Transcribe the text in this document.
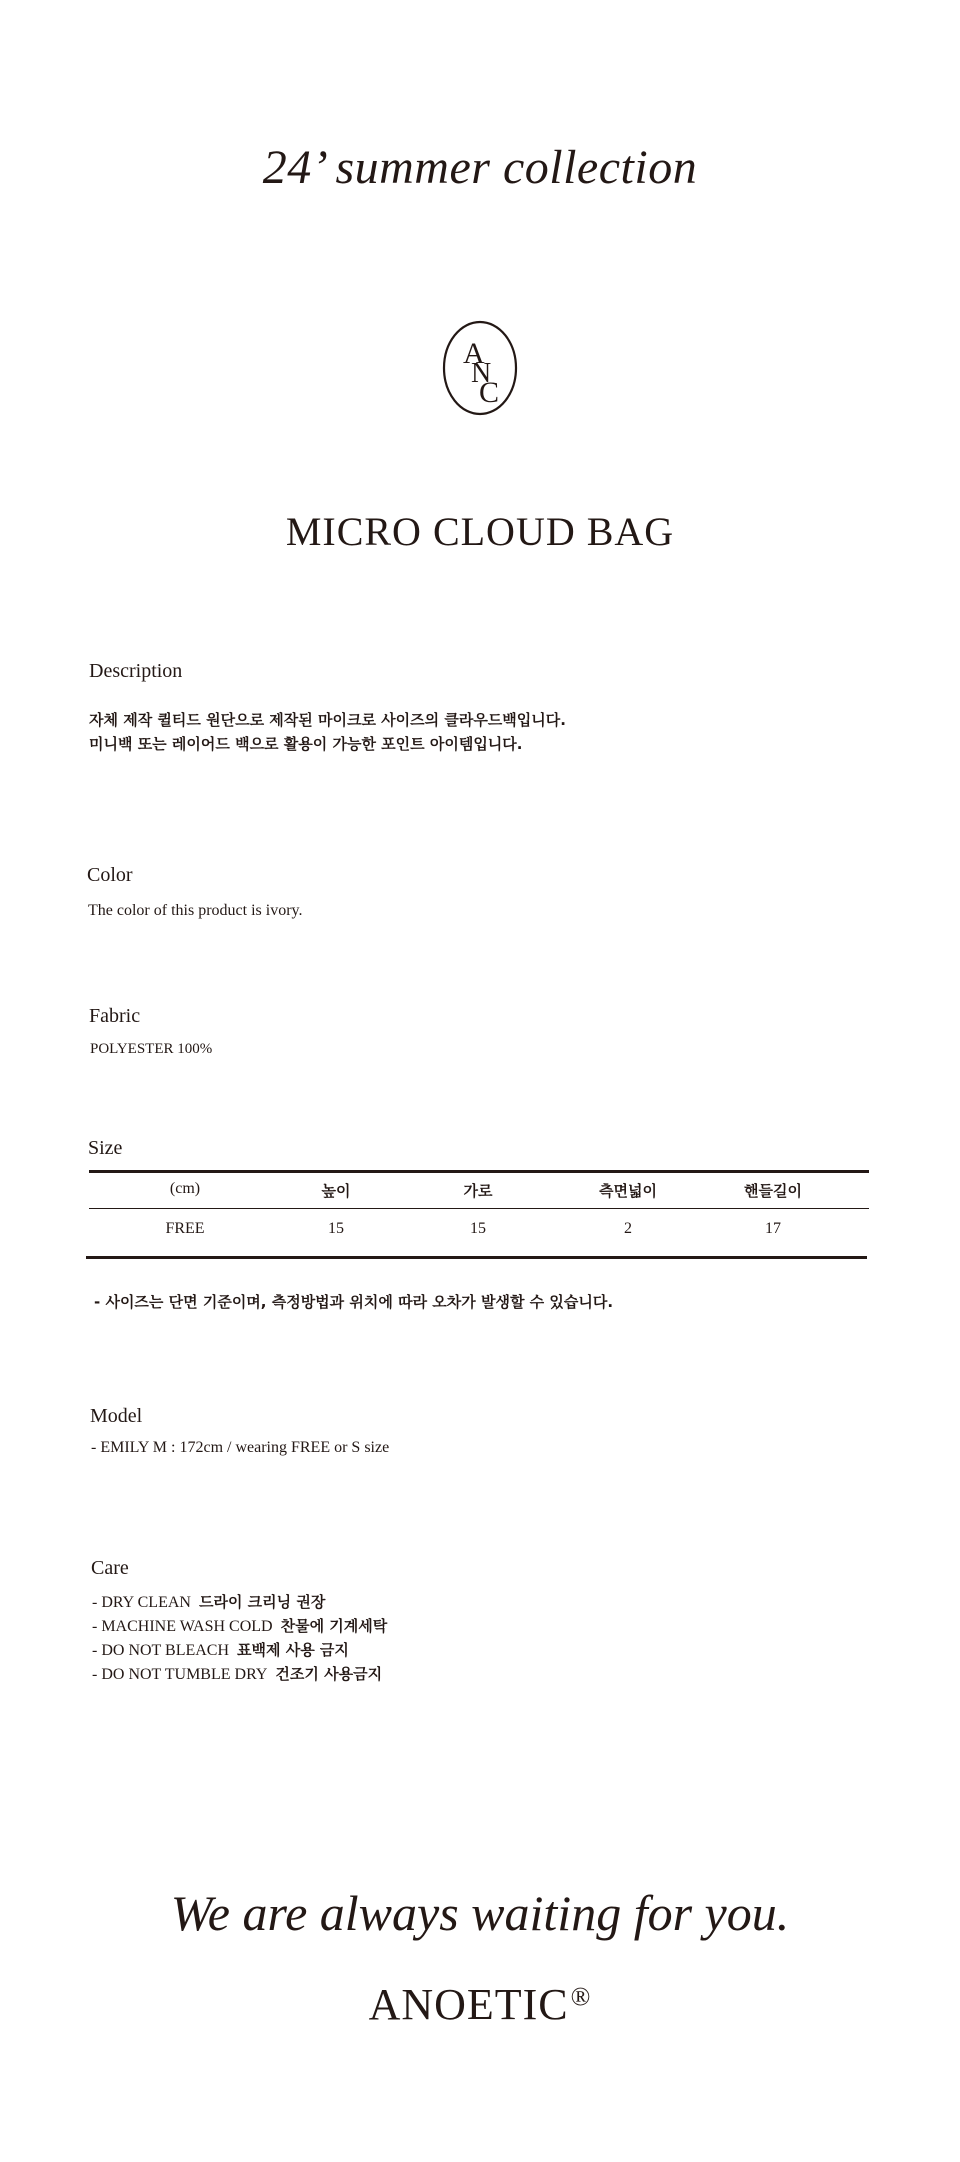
24’ summer collection
A
N
C
MICRO CLOUD BAG
Description
자체 제작 퀼티드 원단으로 제작된 마이크로 사이즈의 클라우드백입니다.
미니백 또는 레이어드 백으로 활용이 가능한 포인트 아이템입니다.
Color
The color of this product is ivory.
Fabric
POLYESTER 100%
Size
(cm)	높이	가로	측면넓이	핸들길이
FREE	15	15	2	17
- 사이즈는 단면 기준이며, 측정방법과 위치에 따라 오차가 발생할 수 있습니다.
Model
- EMILY M : 172cm / wearing FREE or S size
Care
- DRY CLEAN 드라이 크리닝 권장
- MACHINE WASH COLD 찬물에 기계세탁
- DO NOT BLEACH 표백제 사용 금지
- DO NOT TUMBLE DRY 건조기 사용금지
We are always waiting for you.
ANOETIC®
